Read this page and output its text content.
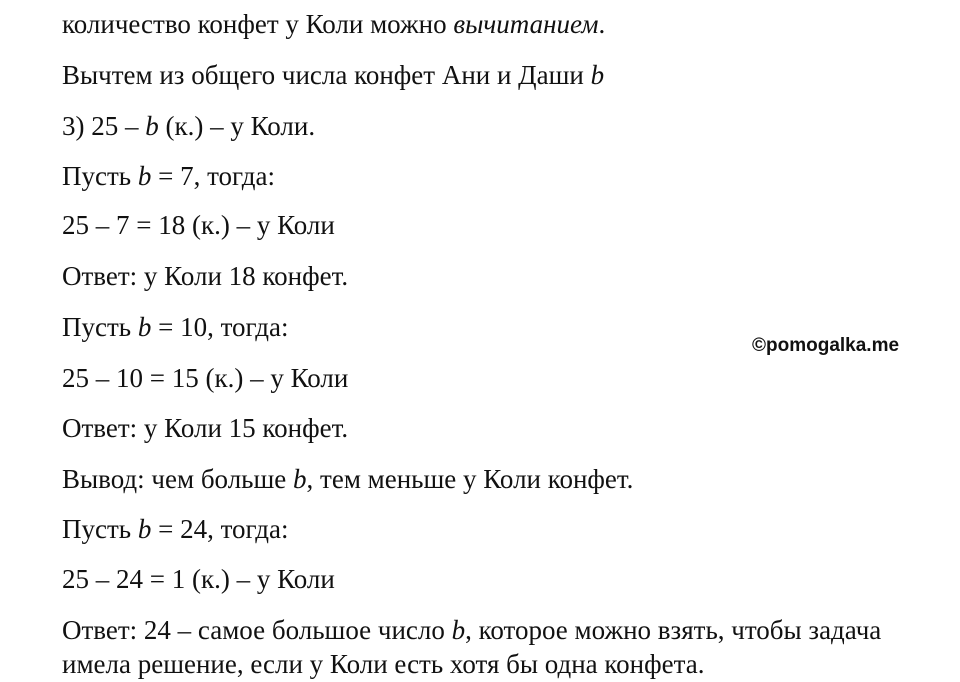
количество конфет у Коли можно вычитанием.

Вычтем из общего числа конфет Ани и Даши b

3) 25 – b (к.) – у Коли.

Пусть b = 7, тогда:

25 – 7 = 18 (к.) – у Коли

Ответ: у Коли 18 конфет.

Пусть b = 10, тогда:

25 – 10 = 15 (к.) – у Коли

Ответ: у Коли 15 конфет.

Вывод: чем больше b, тем меньше у Коли конфет.

Пусть b = 24, тогда:

25 – 24 = 1 (к.) – у Коли

Ответ: 24 – самое большое число b, которое можно взять, чтобы задача имела решение, если у Коли есть хотя бы одна конфета.

©pomogalka.me
